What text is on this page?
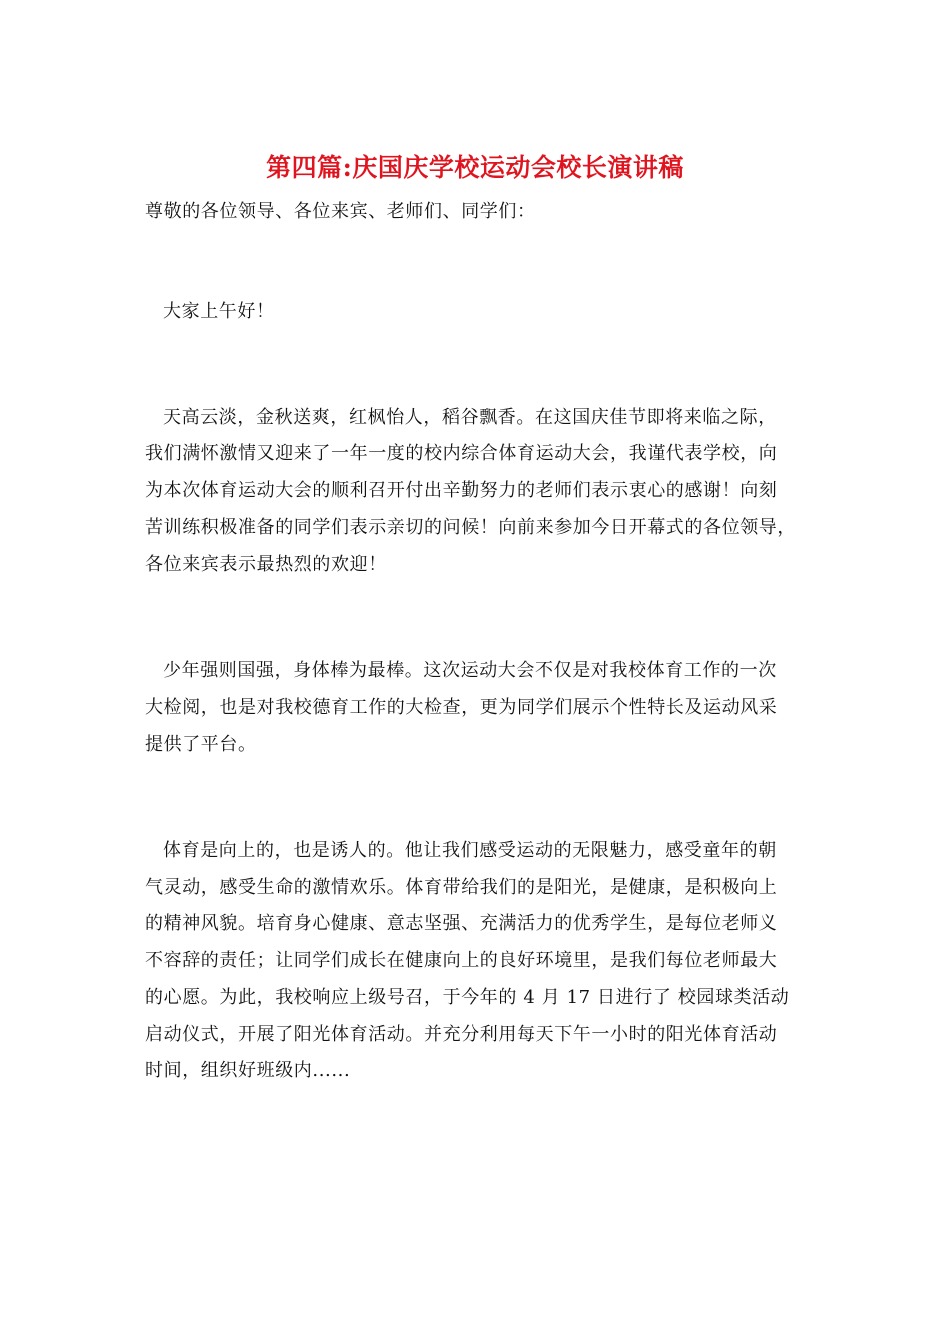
第四篇:庆国庆学校运动会校长演讲稿
尊敬的各位领导、各位来宾、老师们、同学们：
大家上午好！
天高云淡，金秋送爽，红枫怡人，稻谷飘香。在这国庆佳节即将来临之际，
我们满怀激情又迎来了一年一度的校内综合体育运动大会，我谨代表学校，向
为本次体育运动大会的顺利召开付出辛勤努力的老师们表示衷心的感谢！向刻
苦训练积极准备的同学们表示亲切的问候！向前来参加今日开幕式的各位领导，
各位来宾表示最热烈的欢迎！
少年强则国强，身体棒为最棒。这次运动大会不仅是对我校体育工作的一次
大检阅，也是对我校德育工作的大检查，更为同学们展示个性特长及运动风采
提供了平台。
体育是向上的，也是诱人的。他让我们感受运动的无限魅力，感受童年的朝
气灵动，感受生命的激情欢乐。体育带给我们的是阳光，是健康，是积极向上
的精神风貌。培育身心健康、意志坚强、充满活力的优秀学生，是每位老师义
不容辞的责任；让同学们成长在健康向上的良好环境里，是我们每位老师最大
的心愿。为此，我校响应上级号召，于今年的 4 月 17 日进行了 校园球类活动
启动仪式，开展了阳光体育活动。并充分利用每天下午一小时的阳光体育活动
时间，组织好班级内......
